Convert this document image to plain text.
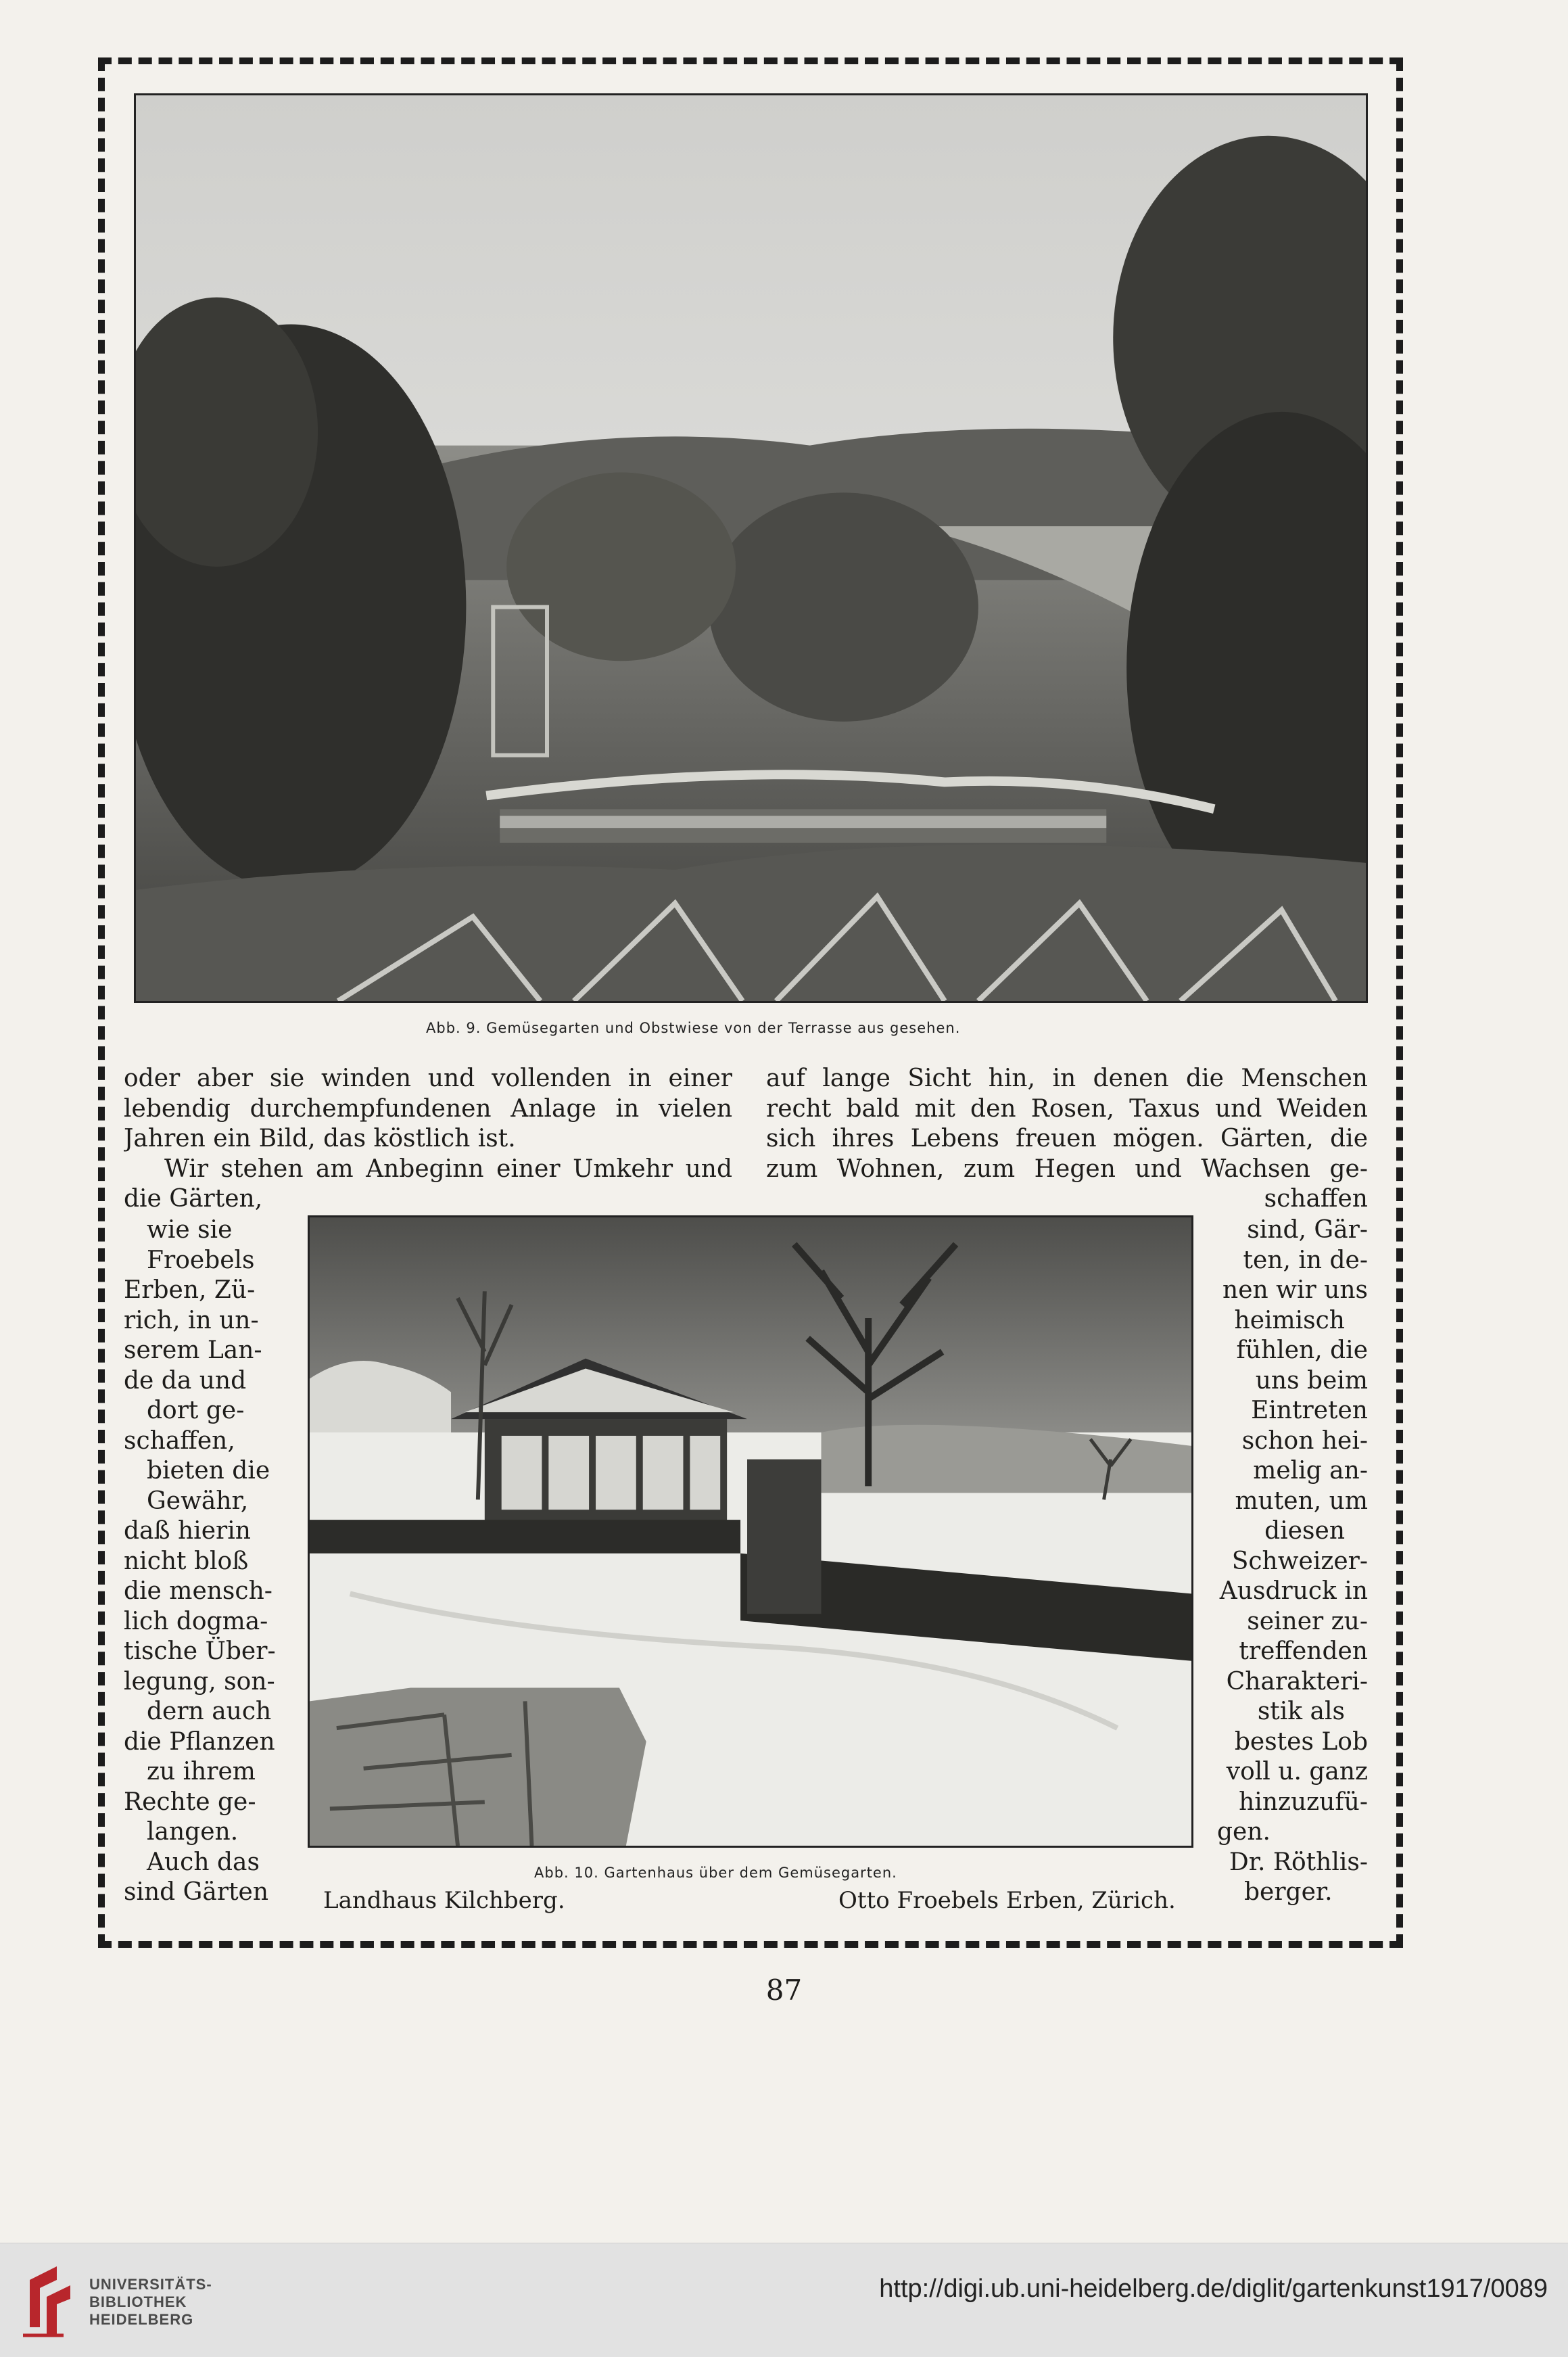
Abb. 9. Gemüsegarten und Obstwiese von der Terrasse aus gesehen.
oder aber sie winden und vollenden in einer
lebendig durchempfundenen Anlage in vielen
Jahren ein Bild, das köstlich ist.
Wir stehen am Anbeginn einer Umkehr und
die Gärten,
auf lange Sicht hin, in denen die Menschen
recht bald mit den Rosen, Taxus und Weiden
sich ihres Lebens freuen mögen. Gärten, die
zum Wohnen, zum Hegen und Wachsen ge-
schaffen
Abb. 10. Gartenhaus über dem Gemüsegarten.
wie sie
Froebels
Erben, Zü-
rich, in un-
serem Lan-
de da und
dort ge-
schaffen,
bieten die
Gewähr,
daß hierin
nicht bloß
die mensch-
lich dogma-
tische Über-
legung, son-
dern auch
die Pflanzen
zu ihrem
Rechte ge-
langen.
Auch das
sind Gärten
sind, Gär-
ten, in de-
nen wir uns
heimisch
fühlen, die
uns beim
Eintreten
schon hei-
melig an-
muten, um
diesen
Schweizer-
Ausdruck in
seiner zu-
treffenden
Charakteri-
stik als
bestes Lob
voll u. ganz
hinzuzufü-
gen.
Dr. Röthlis-
berger.
Landhaus Kilchberg.	Otto Froebels Erben, Zürich.
87
UNIVERSITÄTS-
BIBLIOTHEK
HEIDELBERG
http://digi.ub.uni-heidelberg.de/diglit/gartenkunst1917/0089
